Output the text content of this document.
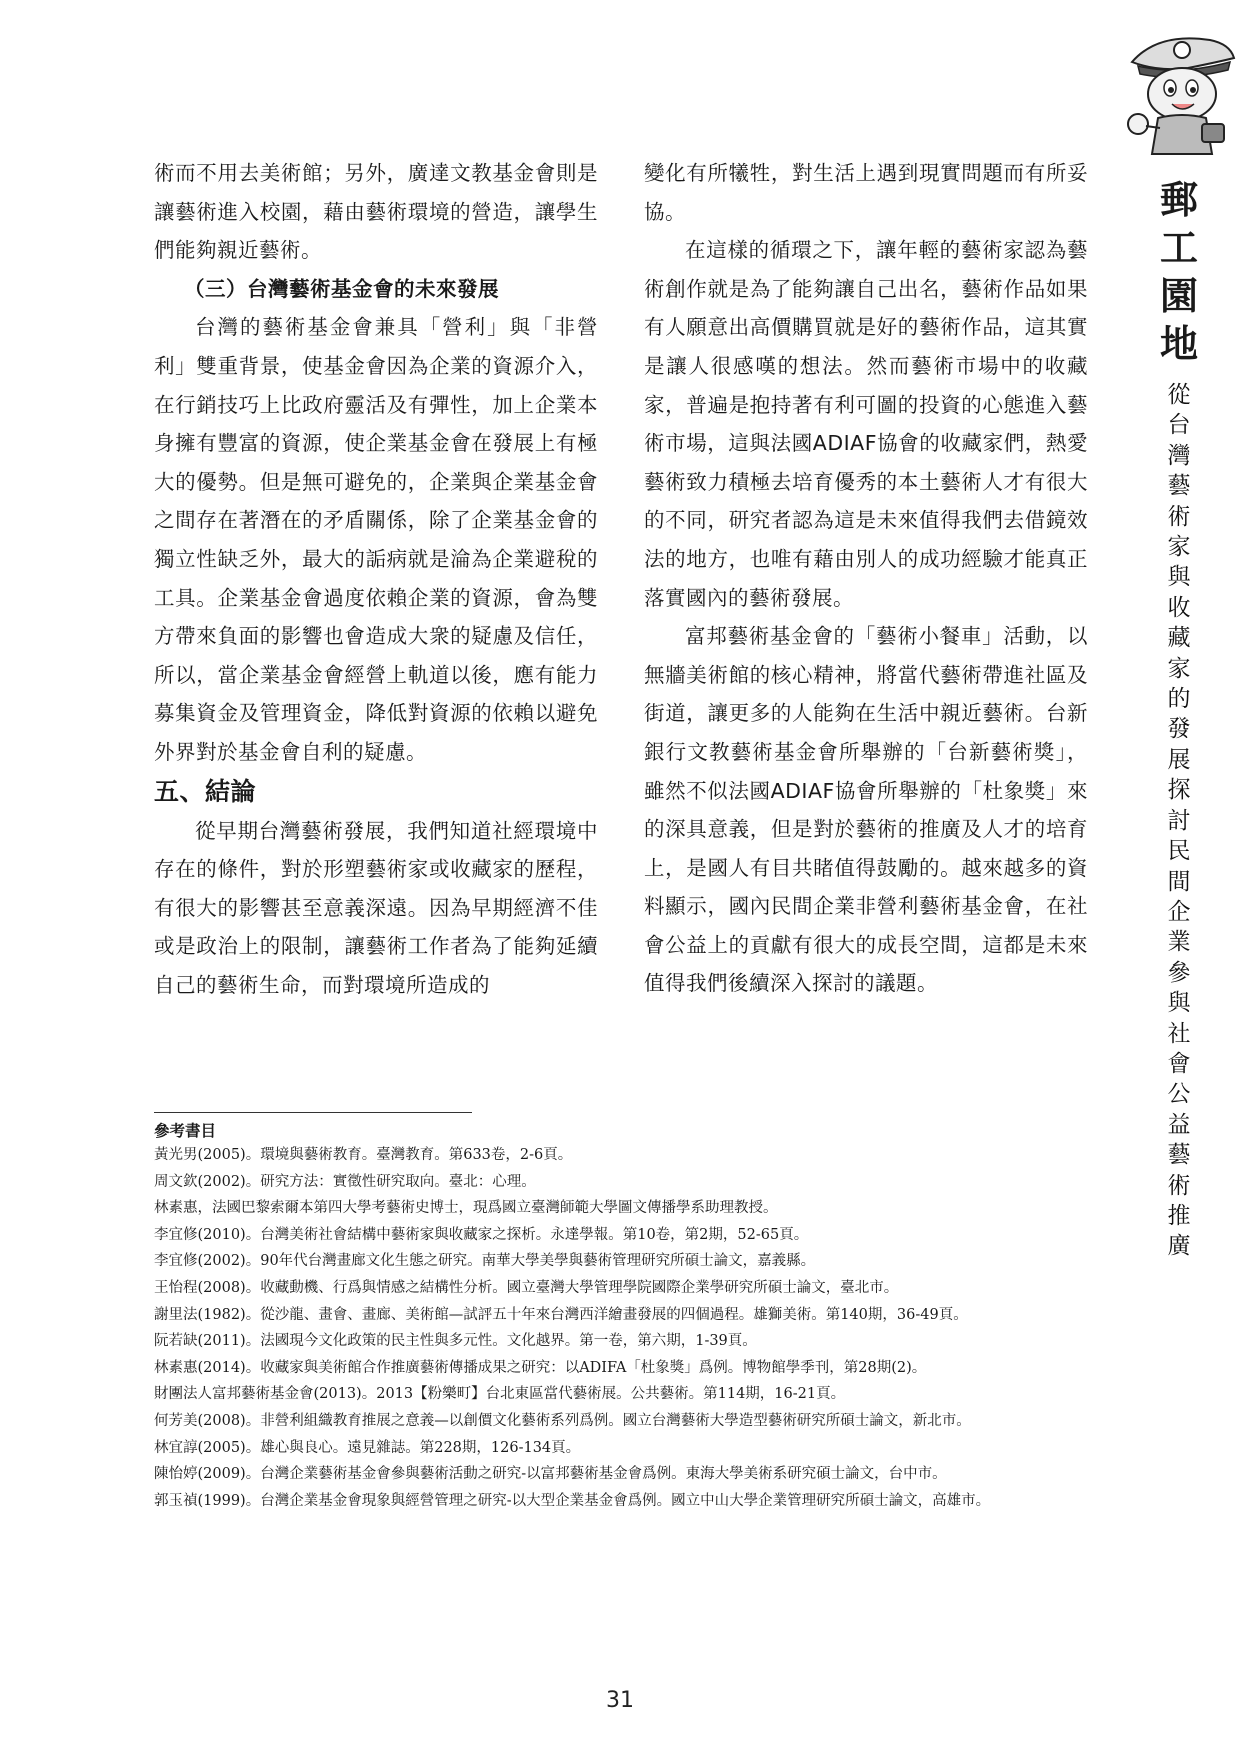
郵
工
園
地
從
台
灣
藝
術
家
與
收
藏
家
的
發
展
探
討
民
間
企
業
參
與
社
會
公
益
藝
術
推
廣

術而不用去美術館；另外，廣達文教基金會則是讓藝術進入校園，藉由藝術環境的營造，讓學生們能夠親近藝術。

（三）台灣藝術基金會的未來發展

台灣的藝術基金會兼具「營利」與「非營利」雙重背景，使基金會因為企業的資源介入，在行銷技巧上比政府靈活及有彈性，加上企業本身擁有豐富的資源，使企業基金會在發展上有極大的優勢。但是無可避免的，企業與企業基金會之間存在著潛在的矛盾關係，除了企業基金會的獨立性缺乏外，最大的詬病就是淪為企業避稅的工具。企業基金會過度依賴企業的資源，會為雙方帶來負面的影響也會造成大衆的疑慮及信任，所以，當企業基金會經營上軌道以後，應有能力募集資金及管理資金，降低對資源的依賴以避免外界對於基金會自利的疑慮。

五、結論

從早期台灣藝術發展，我們知道社經環境中存在的條件，對於形塑藝術家或收藏家的歷程，有很大的影響甚至意義深遠。因為早期經濟不佳或是政治上的限制，讓藝術工作者為了能夠延續自己的藝術生命，而對環境所造成的

變化有所犧牲，對生活上遇到現實問題而有所妥協。

在這樣的循環之下，讓年輕的藝術家認為藝術創作就是為了能夠讓自己出名，藝術作品如果有人願意出高價購買就是好的藝術作品，這其實是讓人很感嘆的想法。然而藝術市場中的收藏家，普遍是抱持著有利可圖的投資的心態進入藝術市場，這與法國ADIAF協會的收藏家們，熱愛藝術致力積極去培育優秀的本土藝術人才有很大的不同，研究者認為這是未來值得我們去借鏡效法的地方，也唯有藉由別人的成功經驗才能真正落實國內的藝術發展。

富邦藝術基金會的「藝術小餐車」活動，以無牆美術館的核心精神，將當代藝術帶進社區及街道，讓更多的人能夠在生活中親近藝術。台新銀行文教藝術基金會所舉辦的「台新藝術獎」，雖然不似法國ADIAF協會所舉辦的「杜象獎」來的深具意義，但是對於藝術的推廣及人才的培育上，是國人有目共睹值得鼓勵的。越來越多的資料顯示，國內民間企業非營利藝術基金會，在社會公益上的貢獻有很大的成長空間，這都是未來值得我們後續深入探討的議題。

參考書目
黃光男(2005)。環境與藝術教育。臺灣教育。第633卷，2-6頁。
周文欽(2002)。研究方法：實徵性研究取向。臺北：心理。
林素惠，法國巴黎索爾本第四大學考藝術史博士，現爲國立臺灣師範大學圖文傳播學系助理教授。
李宜修(2010)。台灣美術社會結構中藝術家與收藏家之探析。永達學報。第10卷，第2期，52-65頁。
李宜修(2002)。90年代台灣畫廊文化生態之研究。南華大學美學與藝術管理研究所碩士論文，嘉義縣。
王怡程(2008)。收藏動機、行爲與情感之結構性分析。國立臺灣大學管理學院國際企業學研究所碩士論文，臺北市。
謝里法(1982)。從沙龍、畫會、畫廊、美術館—試評五十年來台灣西洋繪畫發展的四個過程。雄獅美術。第140期，36-49頁。
阮若缺(2011)。法國現今文化政策的民主性與多元性。文化越界。第一卷，第六期，1-39頁。
林素惠(2014)。收藏家與美術館合作推廣藝術傳播成果之研究：以ADIFA「杜象獎」爲例。博物館學季刊，第28期(2)。
財團法人富邦藝術基金會(2013)。2013【粉樂町】台北東區當代藝術展。公共藝術。第114期，16-21頁。
何芳美(2008)。非營利組織教育推展之意義—以創價文化藝術系列爲例。國立台灣藝術大學造型藝術研究所碩士論文，新北市。
林宜諄(2005)。雄心與良心。遠見雜誌。第228期，126-134頁。
陳怡婷(2009)。台灣企業藝術基金會參與藝術活動之研究-以富邦藝術基金會爲例。東海大學美術系研究碩士論文，台中市。
郭玉禎(1999)。台灣企業基金會現象與經營管理之研究-以大型企業基金會爲例。國立中山大學企業管理研究所碩士論文，高雄市。
31
